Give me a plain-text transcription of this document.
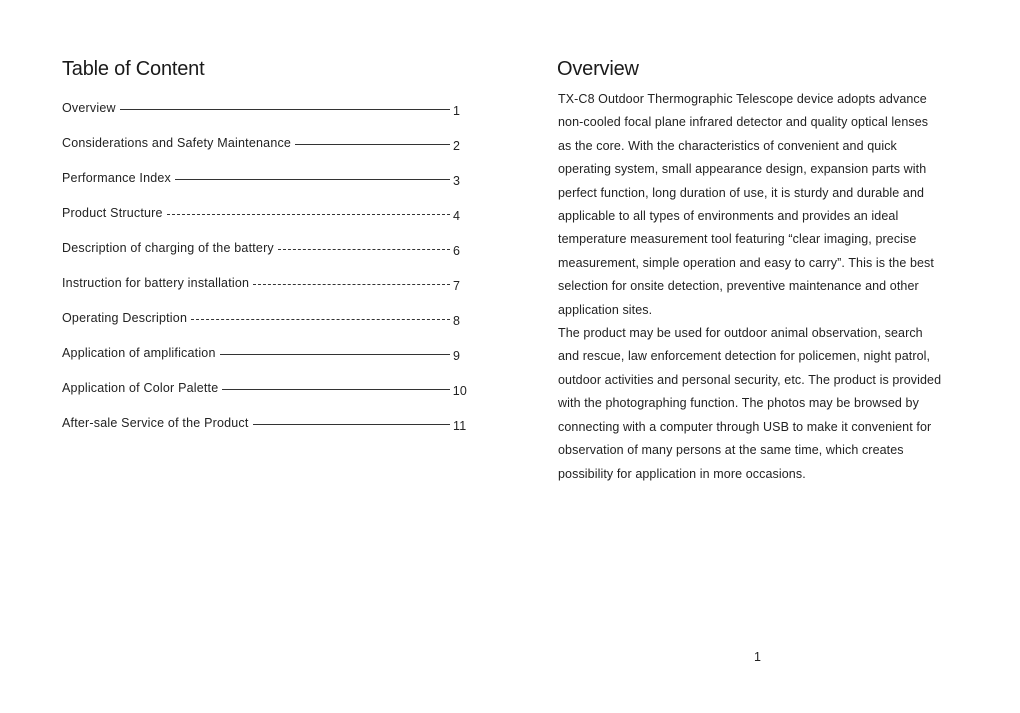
Table of Content
Overview	1
Considerations and Safety Maintenance	2
Performance Index	3
Product Structure	4
Description of charging of the battery	6
Instruction for battery installation	7
Operating Description	8
Application of amplification	9
Application of Color Palette	10
After-sale Service of the Product	11
Overview
TX-C8 Outdoor Thermographic Telescope device adopts advance
non-cooled focal plane infrared detector and quality optical lenses
as the core. With the characteristics of convenient and quick
operating system, small appearance design, expansion parts with
perfect function, long duration of use, it is sturdy and durable and
applicable to all types of environments and provides an ideal
temperature measurement tool featuring “clear imaging, precise
measurement, simple operation and easy to carry”. This is the best
selection for onsite detection, preventive maintenance and other
application sites.
The product may be used for outdoor animal observation, search
and rescue, law enforcement detection for policemen, night patrol,
outdoor activities and personal security, etc. The product is provided
with the photographing function. The photos may be browsed by
connecting with a computer through USB to make it convenient for
observation of many persons at the same time, which creates
possibility for application in more occasions.
1
